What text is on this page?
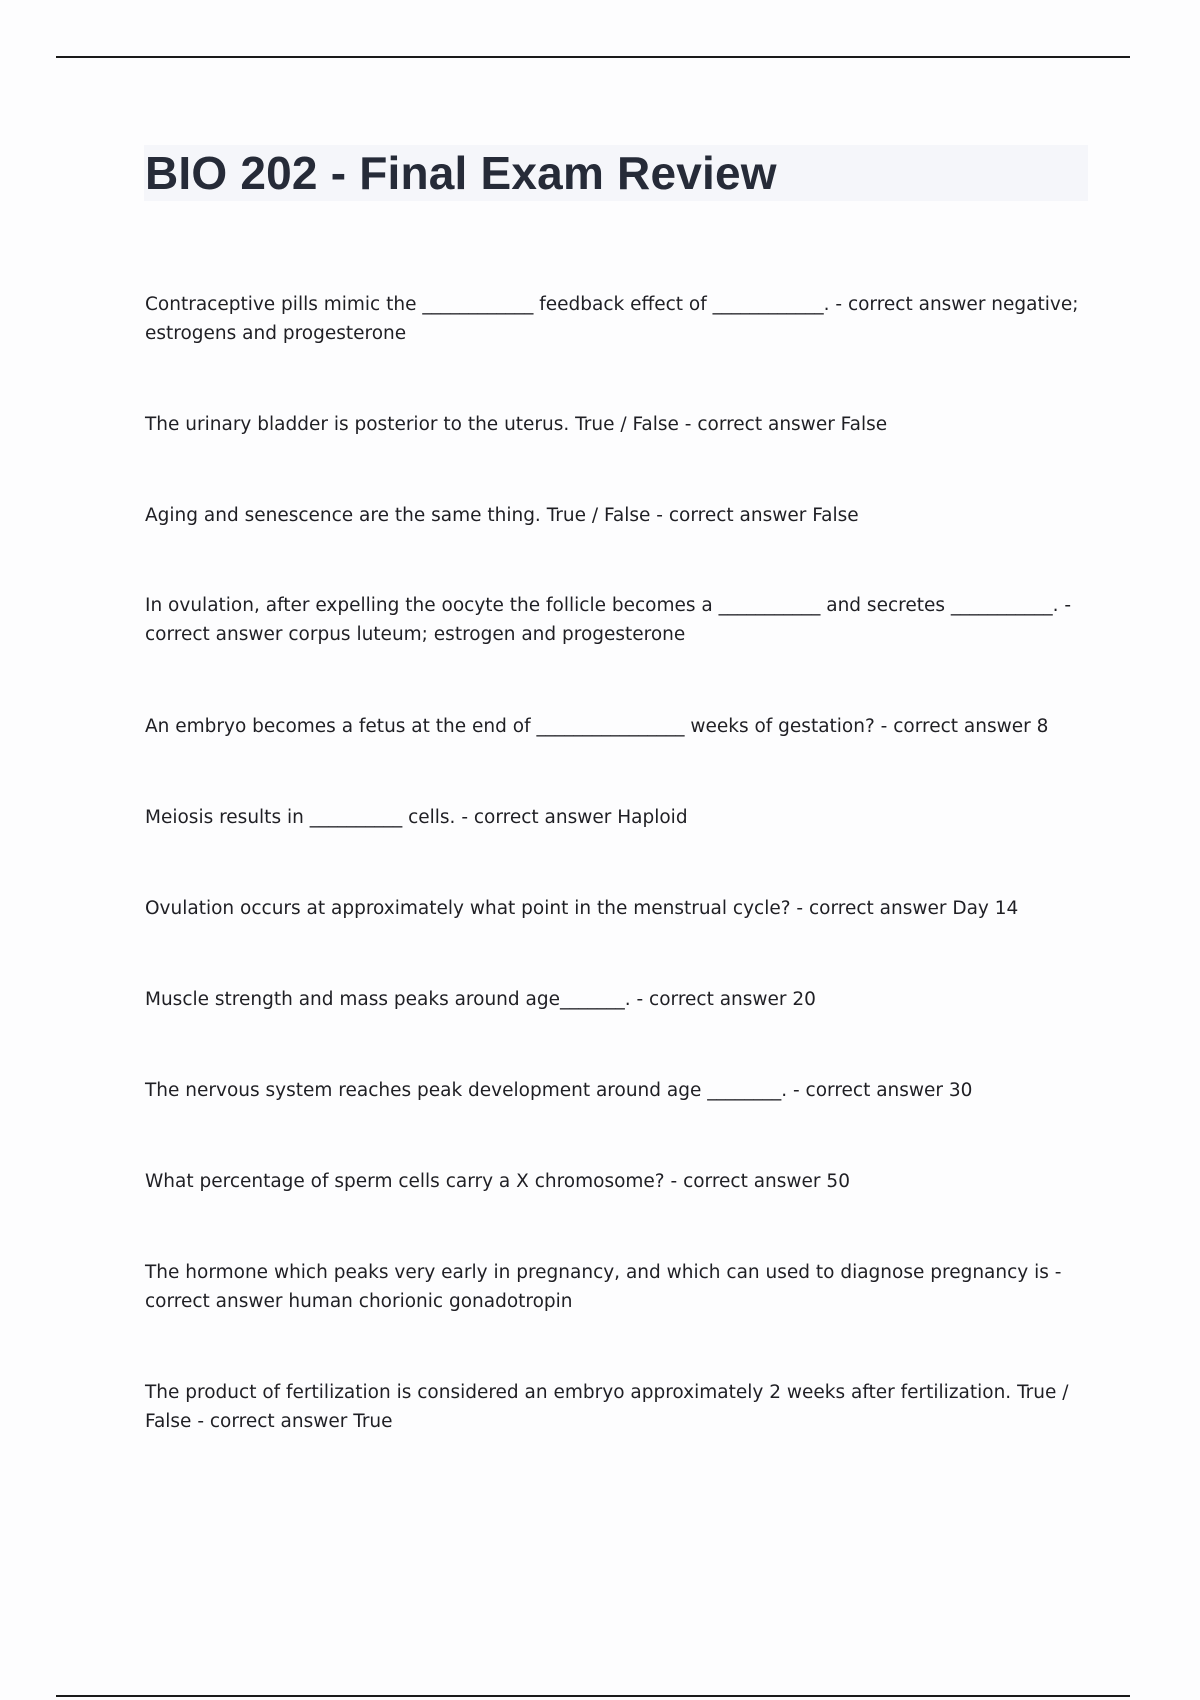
BIO 202 - Final Exam Review

Contraceptive pills mimic the ____________ feedback effect of ____________. - correct answer negative; estrogens and progesterone

The urinary bladder is posterior to the uterus. True / False - correct answer False

Aging and senescence are the same thing. True / False - correct answer False

In ovulation, after expelling the oocyte the follicle becomes a ___________ and secretes ___________. - correct answer corpus luteum; estrogen and progesterone

An embryo becomes a fetus at the end of ________________ weeks of gestation? - correct answer 8

Meiosis results in __________ cells. - correct answer Haploid

Ovulation occurs at approximately what point in the menstrual cycle? - correct answer Day 14

Muscle strength and mass peaks around age_______. - correct answer 20

The nervous system reaches peak development around age ________. - correct answer 30

What percentage of sperm cells carry a X chromosome? - correct answer 50

The hormone which peaks very early in pregnancy, and which can used to diagnose pregnancy is - correct answer human chorionic gonadotropin

The product of fertilization is considered an embryo approximately 2 weeks after fertilization. True / False - correct answer True
